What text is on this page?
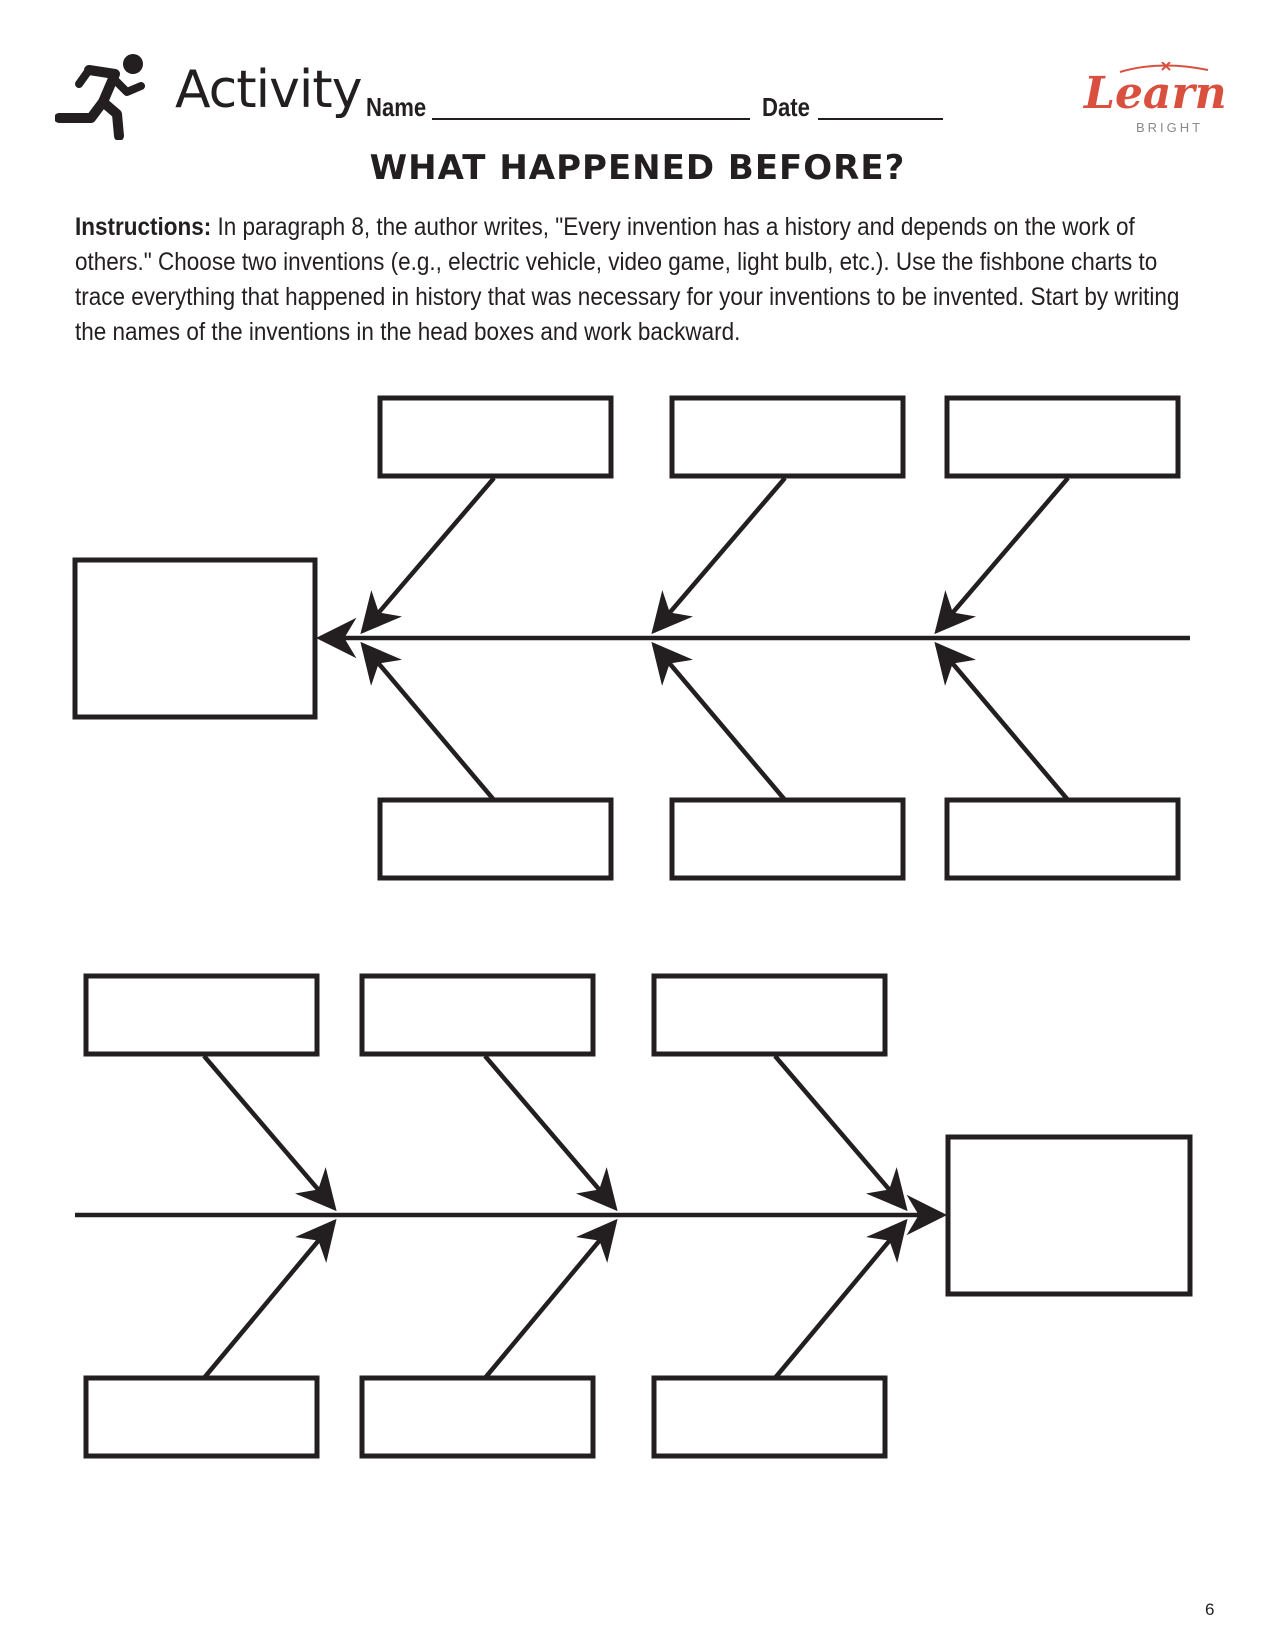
Activity Name	Date	Learn
BRIGHT
WHAT HAPPENED BEFORE?

Instructions: In paragraph 8, the author writes, "Every invention has a history and depends on the work of others." Choose two inventions (e.g., electric vehicle, video game, light bulb, etc.). Use the fishbone charts to trace everything that happened in history that was necessary for your inventions to be invented. Start by writing the names of the inventions in the head boxes and work backward.

6
